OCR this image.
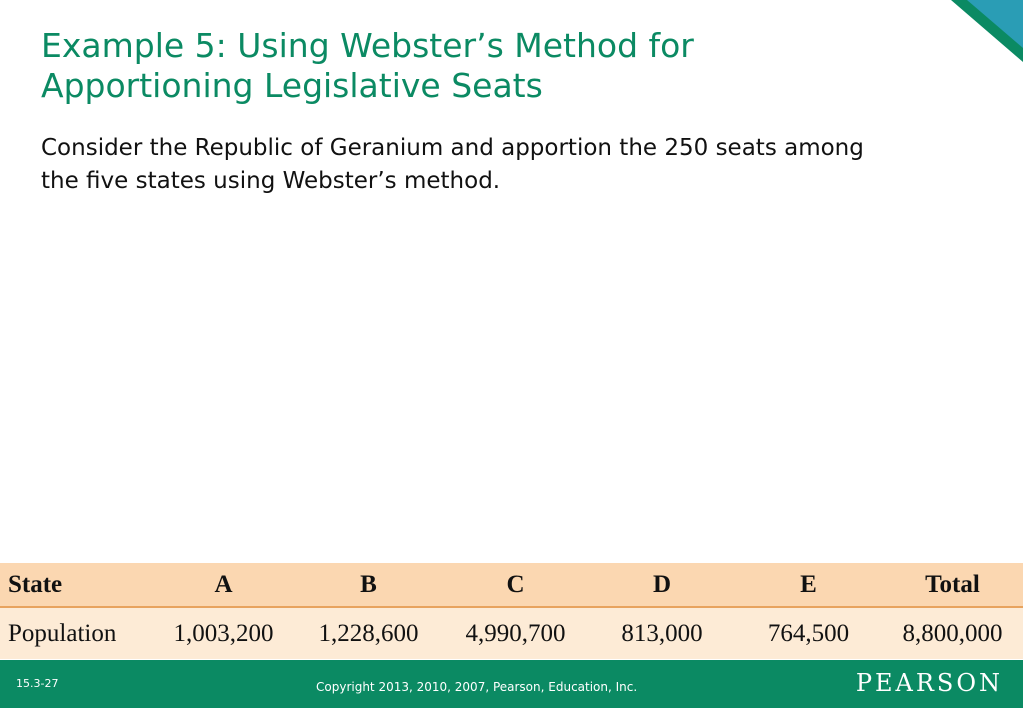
Example 5: Using Webster’s Method for
Apportioning Legislative Seats

Consider the Republic of Geranium and apportion the 250 seats among
the five states using Webster’s method.

State	A	B	C	D	E	Total
Population	1,003,200	1,228,600	4,990,700	813,000	764,500	8,800,000
15.3-27	Copyright 2013, 2010, 2007, Pearson, Education, Inc.	PEARSON
